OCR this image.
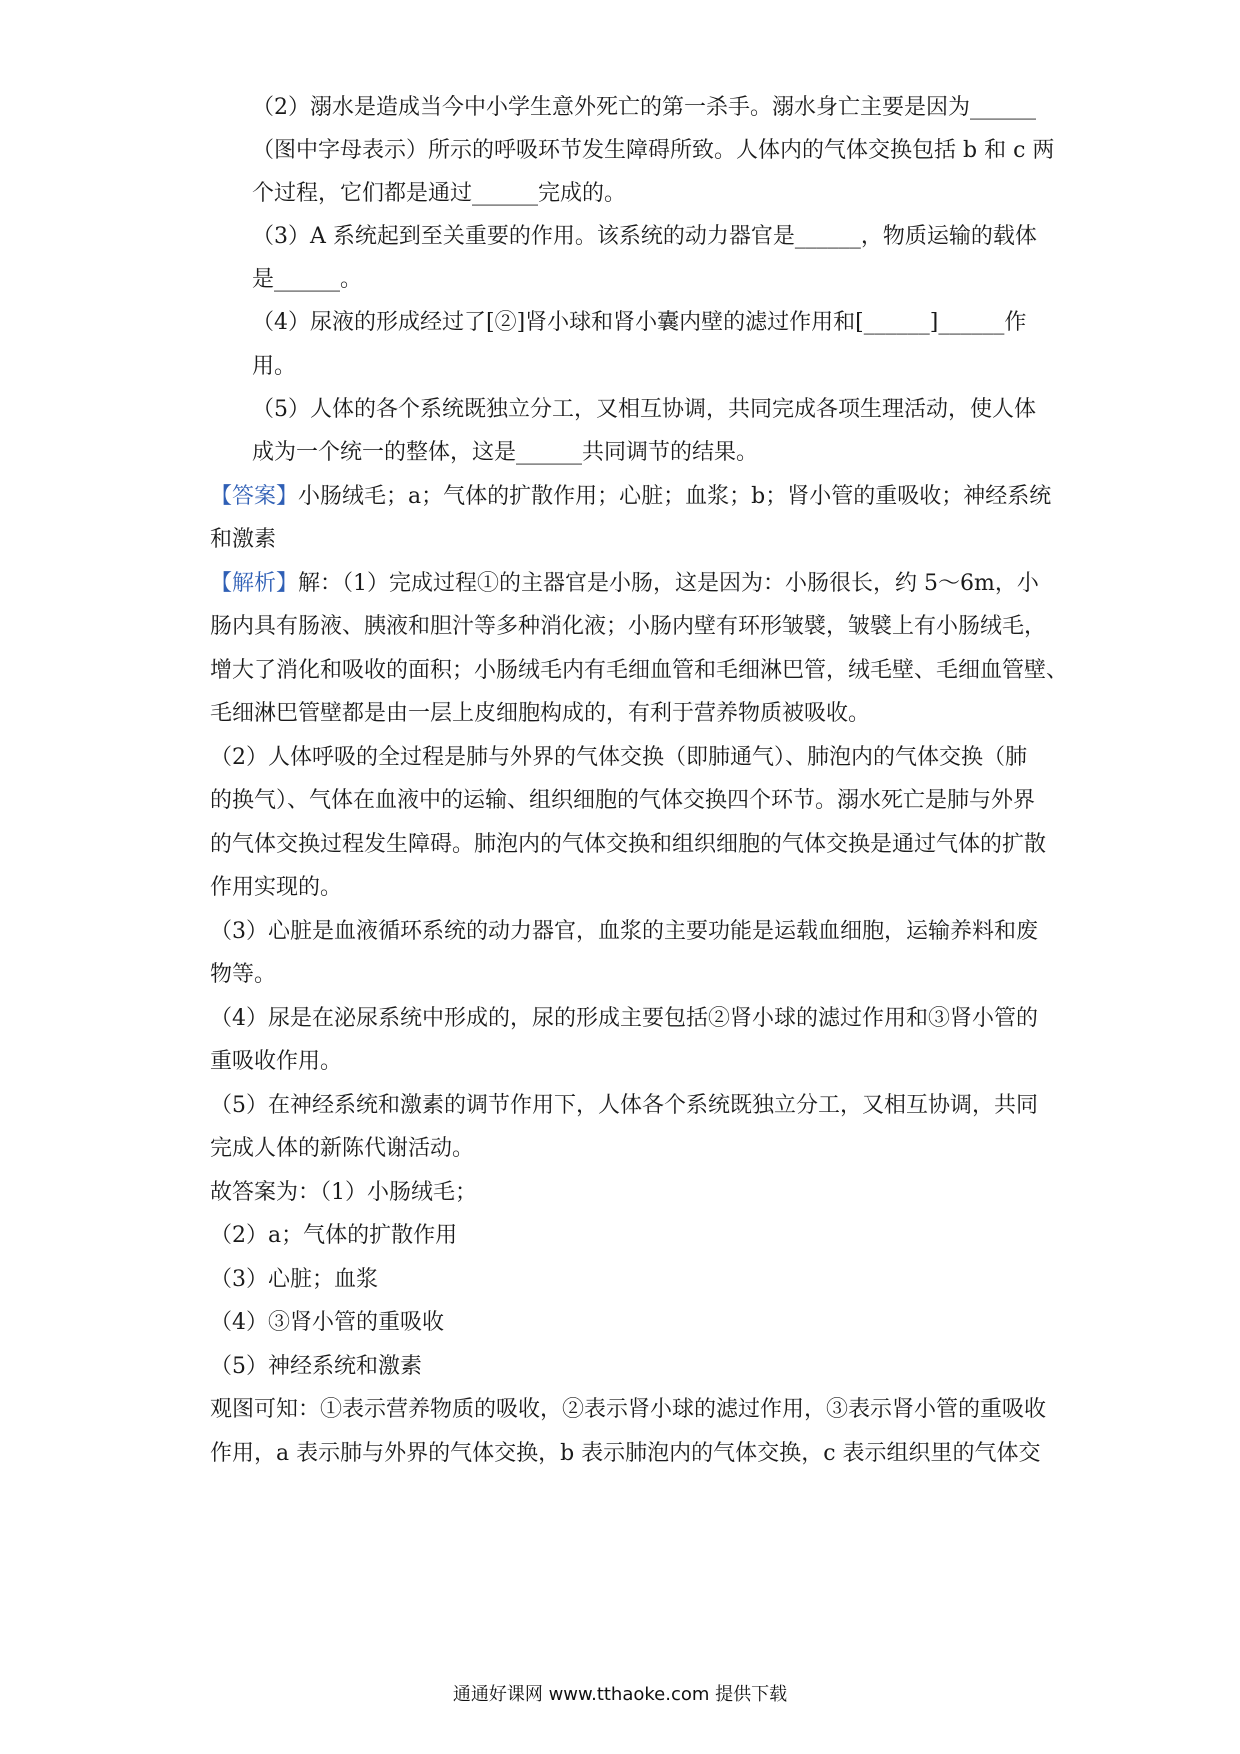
（2）溺水是造成当今中小学生意外死亡的第一杀手。溺水身亡主要是因为______
（图中字母表示）所示的呼吸环节发生障碍所致。人体内的气体交换包括 b 和 c 两
个过程，它们都是通过______完成的。
（3）A 系统起到至关重要的作用。该系统的动力器官是______，物质运输的载体
是______。
（4）尿液的形成经过了[②]肾小球和肾小囊内壁的滤过作用和[______]______作
用。
（5）人体的各个系统既独立分工，又相互协调，共同完成各项生理活动，使人体
成为一个统一的整体，这是______共同调节的结果。
【答案】小肠绒毛；a；气体的扩散作用；心脏；血浆；b；肾小管的重吸收；神经系统
和激素
【解析】解：（1）完成过程①的主器官是小肠，这是因为：小肠很长，约 5～6m，小
肠内具有肠液、胰液和胆汁等多种消化液；小肠内壁有环形皱襞，皱襞上有小肠绒毛，
增大了消化和吸收的面积；小肠绒毛内有毛细血管和毛细淋巴管，绒毛壁、毛细血管壁、
毛细淋巴管壁都是由一层上皮细胞构成的，有利于营养物质被吸收。
（2）人体呼吸的全过程是肺与外界的气体交换（即肺通气）、肺泡内的气体交换（肺
的换气）、气体在血液中的运输、组织细胞的气体交换四个环节。溺水死亡是肺与外界
的气体交换过程发生障碍。肺泡内的气体交换和组织细胞的气体交换是通过气体的扩散
作用实现的。
（3）心脏是血液循环系统的动力器官，血浆的主要功能是运载血细胞，运输养料和废
物等。
（4）尿是在泌尿系统中形成的，尿的形成主要包括②肾小球的滤过作用和③肾小管的
重吸收作用。
（5）在神经系统和激素的调节作用下，人体各个系统既独立分工，又相互协调，共同
完成人体的新陈代谢活动。
故答案为：（1）小肠绒毛；
（2）a；气体的扩散作用
（3）心脏；血浆
（4）③肾小管的重吸收
（5）神经系统和激素
观图可知：①表示营养物质的吸收，②表示肾小球的滤过作用，③表示肾小管的重吸收
作用，a 表示肺与外界的气体交换，b 表示肺泡内的气体交换，c 表示组织里的气体交
通通好课网 www.tthaoke.com 提供下载
